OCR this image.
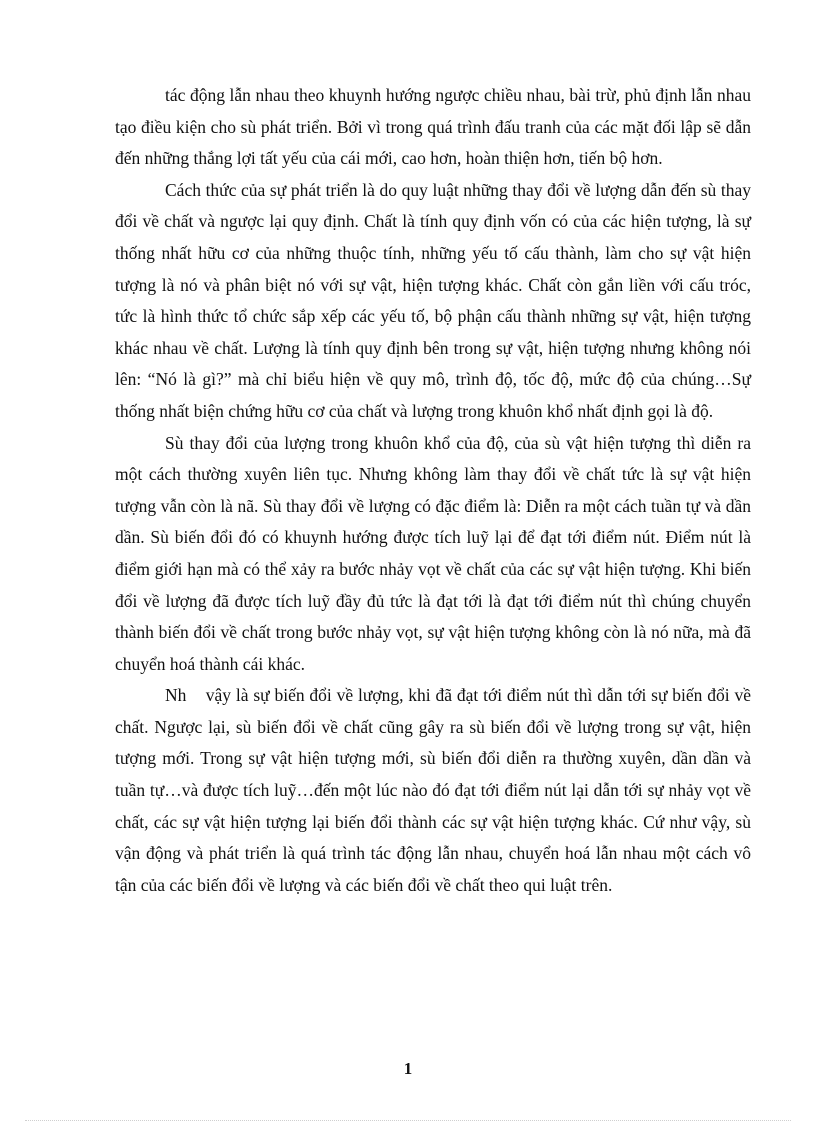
tác động lẫn nhau theo khuynh hướng ngược chiều nhau, bài trừ, phủ định lẫn nhau tạo điều kiện cho sù phát triển. Bởi vì trong quá trình đấu tranh của các mặt đối lập sẽ dẫn đến những thắng lợi tất yếu của cái mới, cao hơn, hoàn thiện hơn, tiến bộ hơn.

Cách thức của sự phát triển là do quy luật những thay đổi về lượng dẫn đến sù thay đổi về chất và ngược lại quy định. Chất là tính quy định vốn có của các hiện tượng, là sự thống nhất hữu cơ của những thuộc tính, những yếu tố cấu thành, làm cho sự vật hiện tượng là nó và phân biệt nó với sự vật, hiện tượng khác. Chất còn gắn liền với cấu tróc, tức là hình thức tổ chức sắp xếp các yếu tố, bộ phận cấu thành những sự vật, hiện tượng khác nhau về chất. Lượng là tính quy định bên trong sự vật, hiện tượng nhưng không nói lên: “Nó là gì?” mà chỉ biểu hiện về quy mô, trình độ, tốc độ, mức độ của chúng…Sự thống nhất biện chứng hữu cơ của chất và lượng trong khuôn khổ nhất định gọi là độ.

Sù thay đổi của lượng trong khuôn khổ của độ, của sù vật hiện tượng thì diễn ra một cách thường xuyên liên tục. Nhưng không làm thay đổi về chất tức là sự vật hiện tượng vẫn còn là nã. Sù thay đổi về lượng có đặc điểm là: Diễn ra một cách tuần tự và dần dần. Sù biến đổi đó có khuynh hướng được tích luỹ lại để đạt tới điểm nút. Điểm nút là điểm giới hạn mà có thể xảy ra bước nhảy vọt về chất của các sự vật hiện tượng. Khi biến đổi về lượng đã được tích luỹ đầy đủ tức là đạt tới là đạt tới điểm nút thì chúng chuyển thành biến đổi về chất trong bước nhảy vọt, sự vật hiện tượng không còn là nó nữa, mà đã chuyển hoá thành cái khác.

Nh    vậy là sự biến đổi về lượng, khi đã đạt tới điểm nút thì dẫn tới sự biến đổi về chất. Ngược lại, sù biến đổi về chất cũng gây ra sù biến đổi về lượng trong sự vật, hiện tượng mới. Trong sự vật hiện tượng mới, sù biến đổi diễn ra thường xuyên, dần dần và tuần tự…và được tích luỹ…đến một lúc nào đó đạt tới điểm nút lại dẫn tới sự nhảy vọt về chất, các sự vật hiện tượng lại biến đổi thành các sự vật hiện tượng khác. Cứ như vậy, sù vận động và phát triển là quá trình tác động lẫn nhau, chuyển hoá lẫn nhau một cách vô tận của các biến đổi về lượng và các biến đổi về chất theo qui luật trên.

1
